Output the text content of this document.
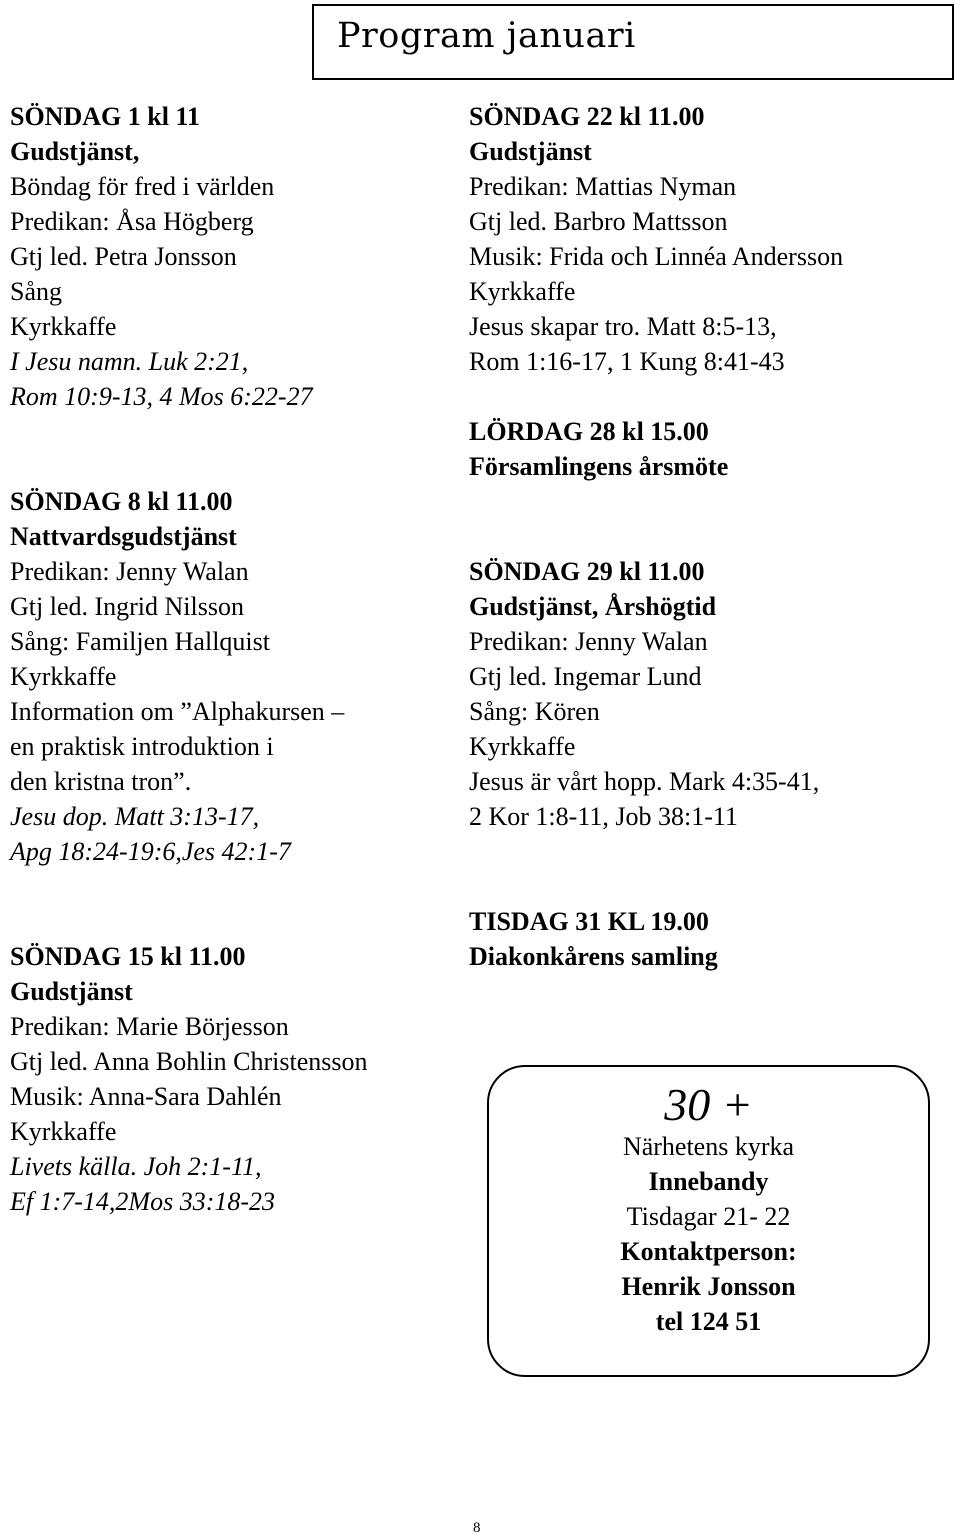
Program januari
SÖNDAG 1 kl 11
Gudstjänst,
Böndag för fred i världen
Predikan: Åsa Högberg
Gtj led. Petra Jonsson
Sång
Kyrkkaffe
I Jesu namn. Luk 2:21,
Rom 10:9-13, 4 Mos 6:22-27
SÖNDAG 8 kl 11.00
Nattvardsgudstjänst
Predikan: Jenny Walan
Gtj led. Ingrid Nilsson
Sång: Familjen Hallquist
Kyrkkaffe
Information om ”Alphakursen –
en praktisk introduktion i
den kristna tron”.
Jesu dop. Matt 3:13-17,
Apg 18:24-19:6,Jes 42:1-7
SÖNDAG 15 kl 11.00
Gudstjänst
Predikan: Marie Börjesson
Gtj led. Anna Bohlin Christensson
Musik: Anna-Sara Dahlén
Kyrkkaffe
Livets källa. Joh 2:1-11,
Ef 1:7-14,2Mos 33:18-23
SÖNDAG 22 kl 11.00
Gudstjänst
Predikan: Mattias Nyman
Gtj led. Barbro Mattsson
Musik: Frida och Linnéa Andersson
Kyrkkaffe
Jesus skapar tro. Matt 8:5-13,
Rom 1:16-17, 1 Kung 8:41-43
LÖRDAG 28 kl 15.00
Församlingens årsmöte
SÖNDAG 29 kl 11.00
Gudstjänst, Årshögtid
Predikan: Jenny Walan
Gtj led. Ingemar Lund
Sång: Kören
Kyrkkaffe
Jesus är vårt hopp. Mark 4:35-41,
2 Kor 1:8-11, Job 38:1-11
TISDAG 31 KL 19.00
Diakonkårens samling
30 +
Närhetens kyrka
Innebandy
Tisdagar 21- 22
Kontaktperson:
Henrik Jonsson
tel 124 51
8
